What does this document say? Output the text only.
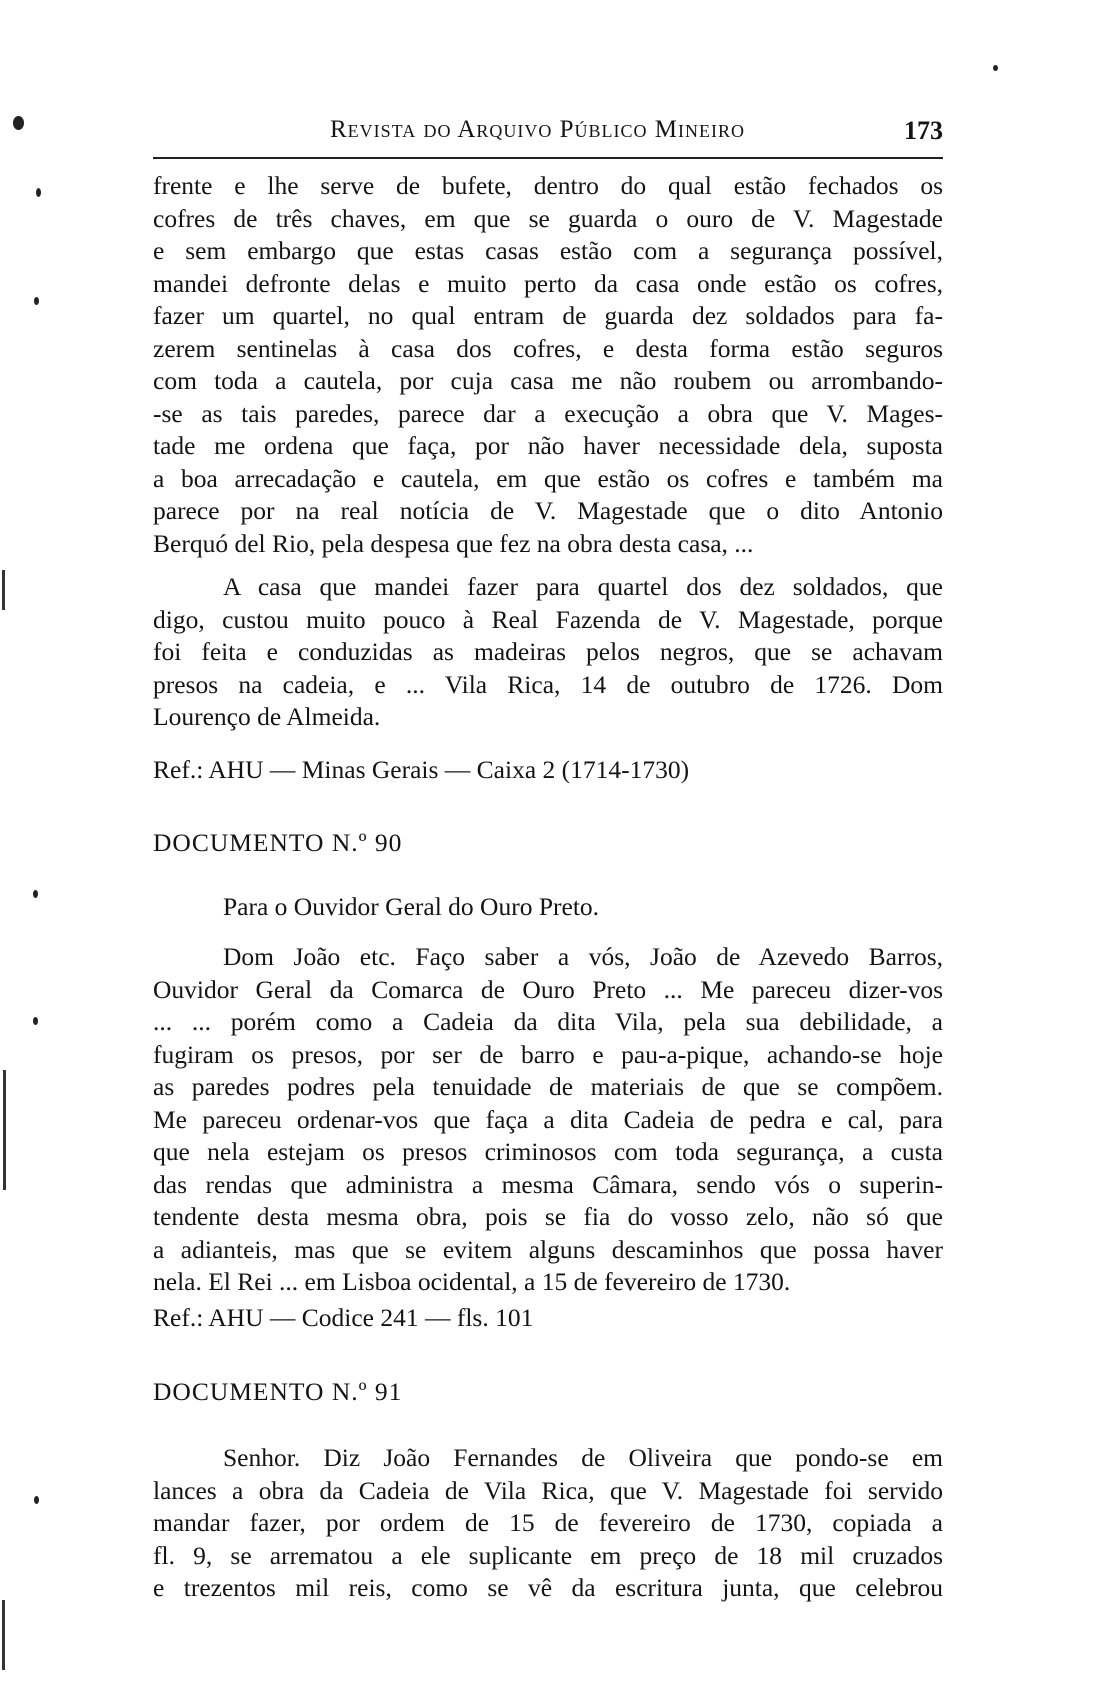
Revista do Arquivo Público Mineiro	173
frente e lhe serve de bufete, dentro do qual estão fechados os
cofres de três chaves, em que se guarda o ouro de V. Magestade
e sem embargo que estas casas estão com a segurança possível,
mandei defronte delas e muito perto da casa onde estão os cofres,
fazer um quartel, no qual entram de guarda dez soldados para fa-
zerem sentinelas à casa dos cofres, e desta forma estão seguros
com toda a cautela, por cuja casa me não roubem ou arrombando-
-se as tais paredes, parece dar a execução a obra que V. Mages-
tade me ordena que faça, por não haver necessidade dela, suposta
a boa arrecadação e cautela, em que estão os cofres e também ma
parece por na real notícia de V. Magestade que o dito Antonio
Berquó del Rio, pela despesa que fez na obra desta casa, ...
A casa que mandei fazer para quartel dos dez soldados, que
digo, custou muito pouco à Real Fazenda de V. Magestade, porque
foi feita e conduzidas as madeiras pelos negros, que se achavam
presos na cadeia, e ... Vila Rica, 14 de outubro de 1726. Dom
Lourenço de Almeida.
Ref.: AHU — Minas Gerais — Caixa 2 (1714-1730)
DOCUMENTO N.º 90
Para o Ouvidor Geral do Ouro Preto.
Dom João etc. Faço saber a vós, João de Azevedo Barros,
Ouvidor Geral da Comarca de Ouro Preto ... Me pareceu dizer-vos
... ... porém como a Cadeia da dita Vila, pela sua debilidade, a
fugiram os presos, por ser de barro e pau-a-pique, achando-se hoje
as paredes podres pela tenuidade de materiais de que se compõem.
Me pareceu ordenar-vos que faça a dita Cadeia de pedra e cal, para
que nela estejam os presos criminosos com toda segurança, a custa
das rendas que administra a mesma Câmara, sendo vós o superin-
tendente desta mesma obra, pois se fia do vosso zelo, não só que
a adianteis, mas que se evitem alguns descaminhos que possa haver
nela. El Rei ... em Lisboa ocidental, a 15 de fevereiro de 1730.
Ref.: AHU — Codice 241 — fls. 101
DOCUMENTO N.º 91
Senhor. Diz João Fernandes de Oliveira que pondo-se em
lances a obra da Cadeia de Vila Rica, que V. Magestade foi servido
mandar fazer, por ordem de 15 de fevereiro de 1730, copiada a
fl. 9, se arrematou a ele suplicante em preço de 18 mil cruzados
e trezentos mil reis, como se vê da escritura junta, que celebrou
